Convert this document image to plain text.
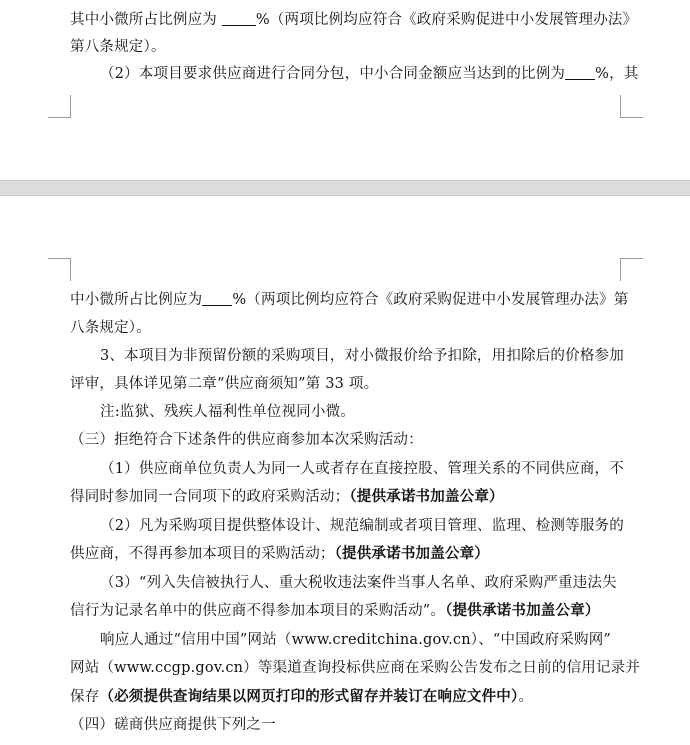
其中小微所占比例应为 %（两项比例均应符合《政府采购促进中小发展管理办法》
第八条规定）。
（2）本项目要求供应商进行合同分包，中小合同金额应当达到的比例为 %，其
中小微所占比例应为 %（两项比例均应符合《政府采购促进中小发展管理办法》第
八条规定）。
3、本项目为非预留份额的采购项目，对小微报价给予扣除，用扣除后的价格参加
评审，具体详见第二章“供应商须知”第 33 项。
注:监狱、残疾人福利性单位视同小微。
（三）拒绝符合下述条件的供应商参加本次采购活动：
（1）供应商单位负责人为同一人或者存在直接控股、管理关系的不同供应商，不
得同时参加同一合同项下的政府采购活动；（提供承诺书加盖公章）
（2）凡为采购项目提供整体设计、规范编制或者项目管理、监理、检测等服务的
供应商，不得再参加本项目的采购活动；（提供承诺书加盖公章）
（3）“列入失信被执行人、重大税收违法案件当事人名单、政府采购严重违法失
信行为记录名单中的供应商不得参加本项目的采购活动”。（提供承诺书加盖公章）
响应人通过“信用中国”网站（www.creditchina.gov.cn）、“中国政府采购网”
网站（www.ccgp.gov.cn）等渠道查询投标供应商在采购公告发布之日前的信用记录并
保存（必须提供查询结果以网页打印的形式留存并装订在响应文件中）。
（四）磋商供应商提供下列之一
